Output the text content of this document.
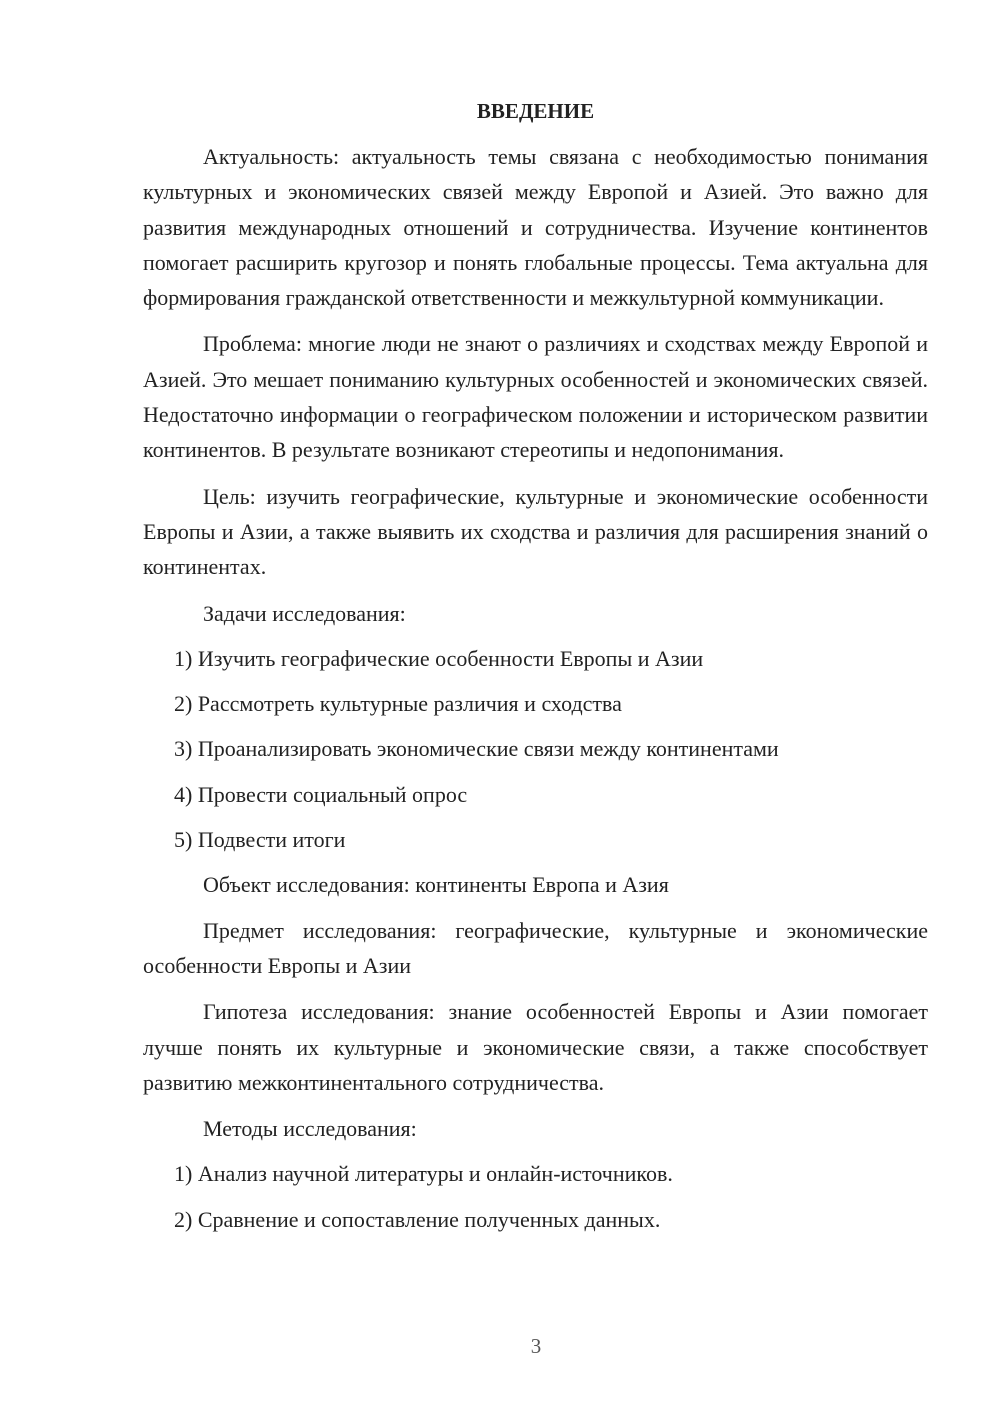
ВВЕДЕНИЕ

Актуальность: актуальность темы связана с необходимостью понимания культурных и экономических связей между Европой и Азией. Это важно для развития международных отношений и сотрудничества. Изучение континентов помогает расширить кругозор и понять глобальные процессы. Тема актуальна для формирования гражданской ответственности и межкультурной коммуникации.

Проблема: многие люди не знают о различиях и сходствах между Европой и Азией. Это мешает пониманию культурных особенностей и экономических связей. Недостаточно информации о географическом положении и историческом развитии континентов. В результате возникают стереотипы и недопонимания.

Цель: изучить географические, культурные и экономические особенности Европы и Азии, а также выявить их сходства и различия для расширения знаний о континентах.

Задачи исследования:

1) Изучить географические особенности Европы и Азии
2) Рассмотреть культурные различия и сходства
3) Проанализировать экономические связи между континентами
4) Провести социальный опрос
5) Подвести итоги

Объект исследования: континенты Европа и Азия

Предмет исследования: географические, культурные и экономические особенности Европы и Азии

Гипотеза исследования: знание особенностей Европы и Азии помогает лучше понять их культурные и экономические связи, а также способствует развитию межконтинентального сотрудничества.

Методы исследования:

1) Анализ научной литературы и онлайн-источников.
2) Сравнение и сопоставление полученных данных.
3
